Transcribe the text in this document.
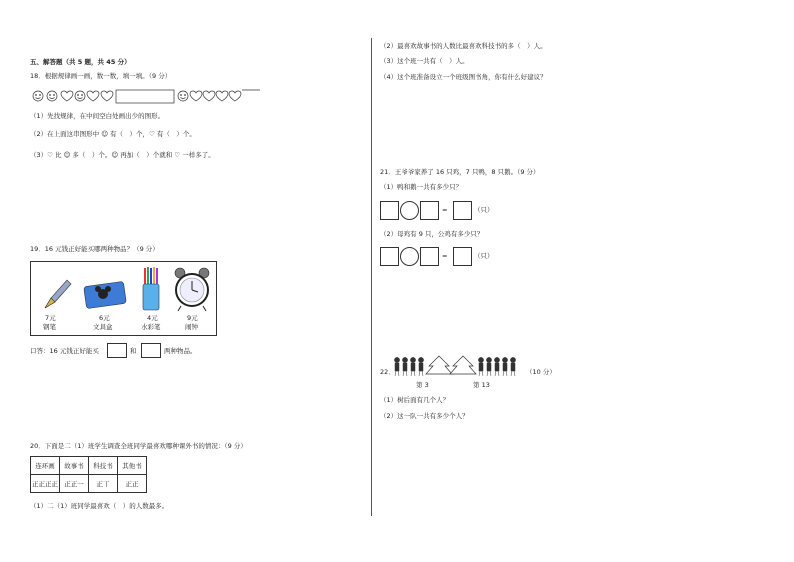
五、解答题（共 5 题，共 45 分）
18．根据规律画一画，数一数，填一填。（9 分）
（1）先找规律，在中间空白处画出少的图形。
（2）在上面这串图形中 ☺ 有（　）个，♡ 有（　）个。
（3）♡ 比 ☺ 多（　）个。☺ 再加（　）个就和 ♡ 一样多了。
19．16 元钱正好能买哪两种物品？（9 分）
7元
钢笔
6元
文具盒
4元
水彩笔
9元
闹钟
口答：16 元钱正好能买	和	两种物品。
20．下面是二（1）班学生调查全班同学最喜欢哪种课外书的情况：（9 分）
连环画	故事书	科技书	其他书
正正正正	正正一	正丅	正正
（1）二（1）班同学最喜欢（　）的人数最多。
（2）最喜欢故事书的人数比最喜欢科技书的多（　）人。
（3）这个班一共有（　）人。
（4）这个班准备设立一个班级图书角，你有什么好建议？
21．王爷爷家养了 16 只鸡，7 只鸭，8 只鹅。（9 分）
（1）鸭和鹅一共有多少只？
=	（只）
（2）母鸡有 9 只，公鸡有多少只？
=	（只）
22．	（10 分）
第 3	第 13
（1）树后面有几个人？
（2）这一队一共有多少个人？
